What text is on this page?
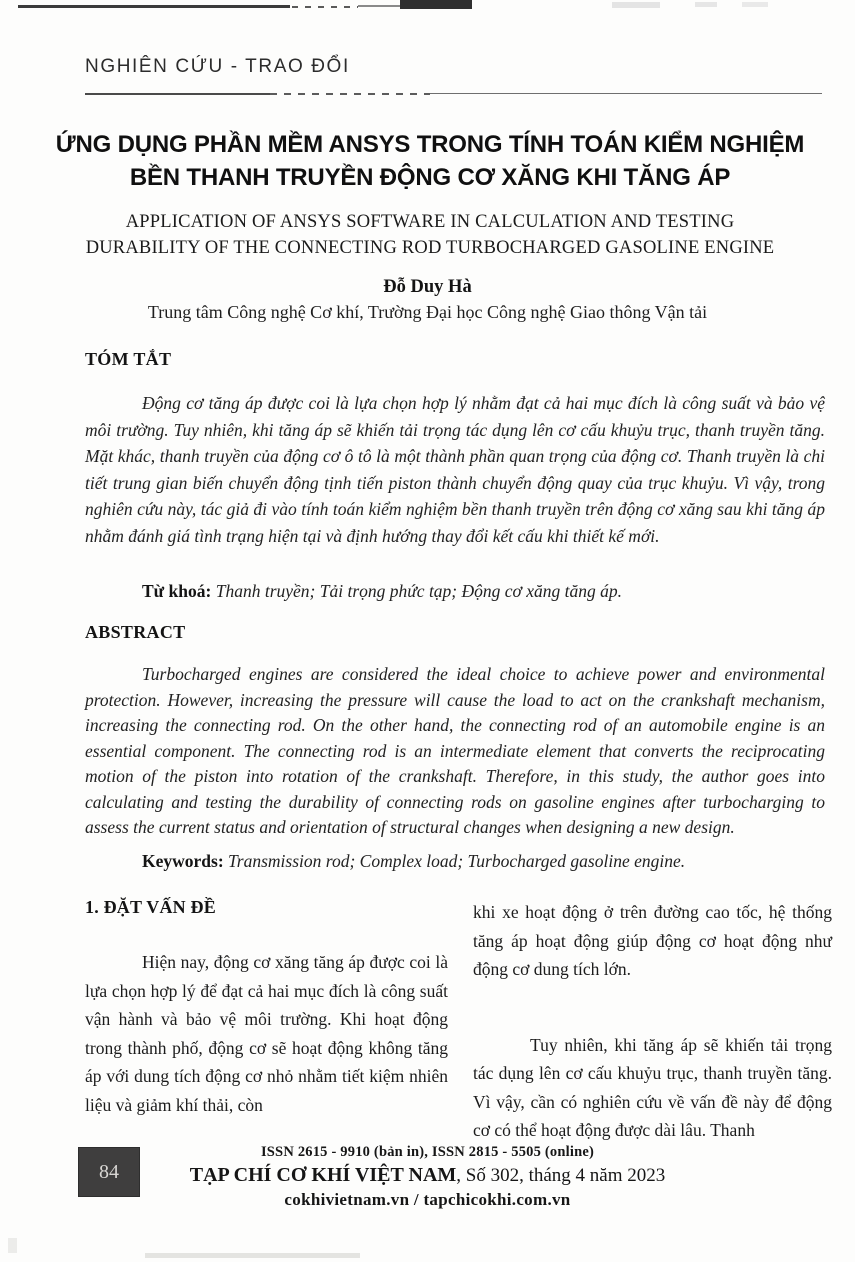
NGHIÊN CỨU - TRAO ĐỔI
ỨNG DỤNG PHẦN MỀM ANSYS TRONG TÍNH TOÁN KIỂM NGHIỆM
BỀN THANH TRUYỀN ĐỘNG CƠ XĂNG KHI TĂNG ÁP
APPLICATION OF ANSYS SOFTWARE IN CALCULATION AND TESTING
DURABILITY OF THE CONNECTING ROD TURBOCHARGED GASOLINE ENGINE
Đỗ Duy Hà
Trung tâm Công nghệ Cơ khí, Trường Đại học Công nghệ Giao thông Vận tải
TÓM TẮT
Động cơ tăng áp được coi là lựa chọn hợp lý nhằm đạt cả hai mục đích là công suất và bảo vệ môi trường. Tuy nhiên, khi tăng áp sẽ khiến tải trọng tác dụng lên cơ cấu khuỷu trục, thanh truyền tăng. Mặt khác, thanh truyền của động cơ ô tô là một thành phần quan trọng của động cơ. Thanh truyền là chi tiết trung gian biến chuyển động tịnh tiến piston thành chuyển động quay của trục khuỷu. Vì vậy, trong nghiên cứu này, tác giả đi vào tính toán kiểm nghiệm bền thanh truyền trên động cơ xăng sau khi tăng áp nhằm đánh giá tình trạng hiện tại và định hướng thay đổi kết cấu khi thiết kế mới.
Từ khoá: Thanh truyền; Tải trọng phức tạp; Động cơ xăng tăng áp.
ABSTRACT
Turbocharged engines are considered the ideal choice to achieve power and environmental protection. However, increasing the pressure will cause the load to act on the crankshaft mechanism, increasing the connecting rod. On the other hand, the connecting rod of an automobile engine is an essential component. The connecting rod is an intermediate element that converts the reciprocating motion of the piston into rotation of the crankshaft. Therefore, in this study, the author goes into calculating and testing the durability of connecting rods on gasoline engines after turbocharging to assess the current status and orientation of structural changes when designing a new design.
Keywords: Transmission rod; Complex load; Turbocharged gasoline engine.
1. ĐẶT VẤN ĐỀ

Hiện nay, động cơ xăng tăng áp được coi là lựa chọn hợp lý để đạt cả hai mục đích là công suất vận hành và bảo vệ môi trường. Khi hoạt động trong thành phố, động cơ sẽ hoạt động không tăng áp với dung tích động cơ nhỏ nhằm tiết kiệm nhiên liệu và giảm khí thải, còn

khi xe hoạt động ở trên đường cao tốc, hệ thống tăng áp hoạt động giúp động cơ hoạt động như động cơ dung tích lớn.

Tuy nhiên, khi tăng áp sẽ khiến tải trọng tác dụng lên cơ cấu khuỷu trục, thanh truyền tăng. Vì vậy, cần có nghiên cứu về vấn đề này để động cơ có thể hoạt động được dài lâu. Thanh

84
ISSN 2615 - 9910 (bản in), ISSN 2815 - 5505 (online)
TẠP CHÍ CƠ KHÍ VIỆT NAM, Số 302, tháng 4 năm 2023
cokhivietnam.vn / tapchicokhi.com.vn
